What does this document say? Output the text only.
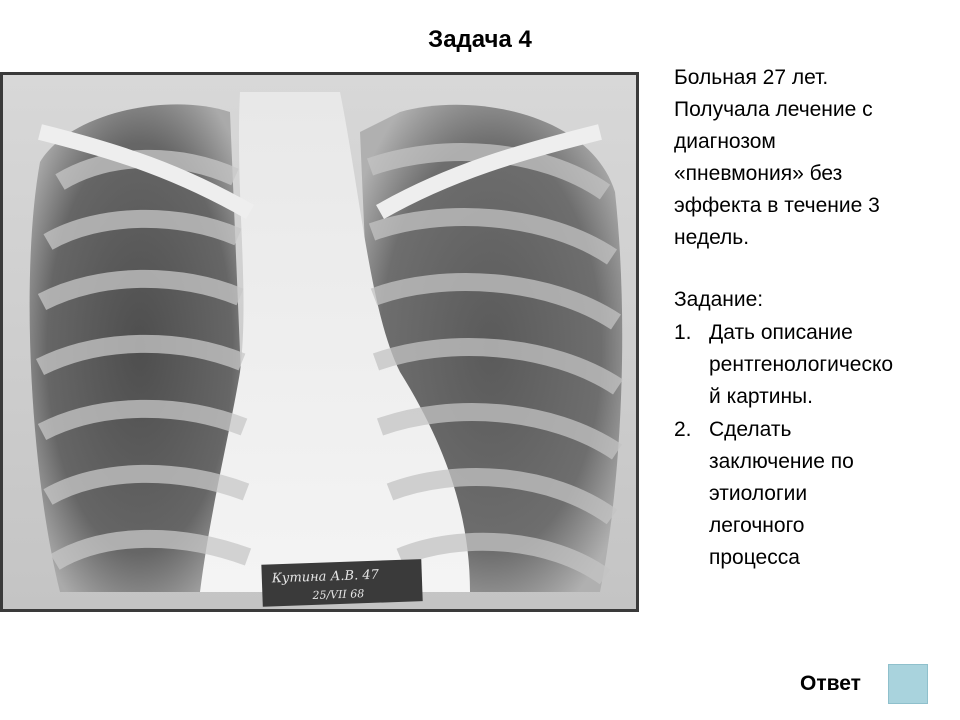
Задача 4
Кутина А.В. 47
25/VII 68
Больная 27 лет.
Получала лечение с
диагнозом
«пневмония» без
эффекта в течение 3
недель.
Задание:
1. Дать описание
рентгенологическо
й картины.
2. Сделать
заключение по
этиологии
легочного
процесса
Ответ
